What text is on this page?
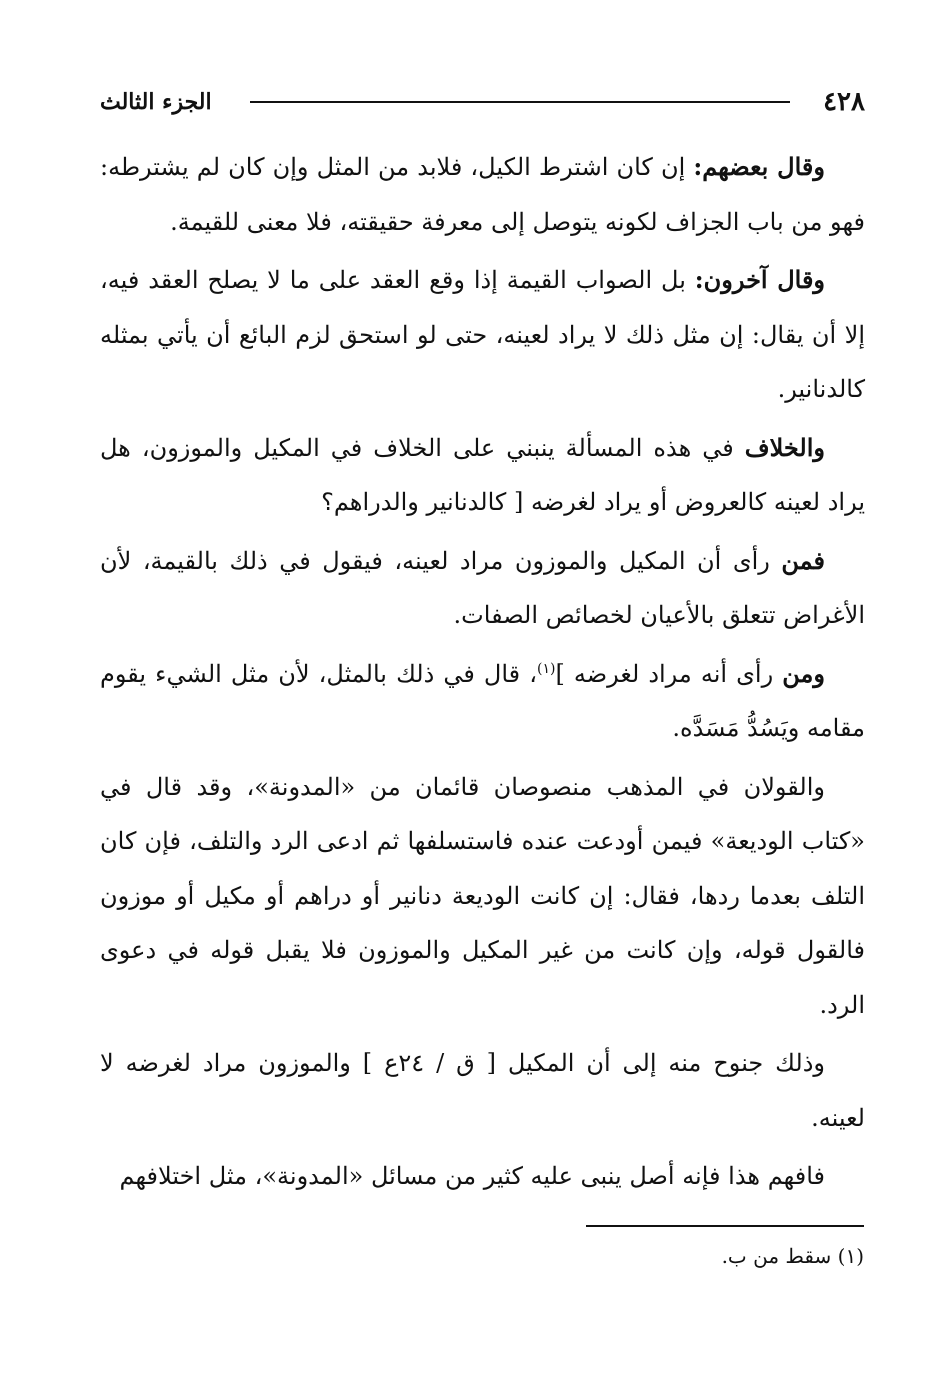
٤٢٨
الجزء الثالث

وقال بعضهم: إن كان اشترط الكيل، فلابد من المثل وإن كان لم يشترطه: فهو من باب الجزاف لكونه يتوصل إلى معرفة حقيقته، فلا معنى للقيمة.

وقال آخرون: بل الصواب القيمة إذا وقع العقد على ما لا يصلح العقد فيه، إلا أن يقال: إن مثل ذلك لا يراد لعينه، حتى لو استحق لزم البائع أن يأتي بمثله كالدنانير.

والخلاف في هذه المسألة ينبني على الخلاف في المكيل والموزون، هل يراد لعينه كالعروض أو يراد لغرضه [ كالدنانير والدراهم؟

فمن رأى أن المكيل والموزون مراد لعينه، فيقول في ذلك بالقيمة، لأن الأغراض تتعلق بالأعيان لخصائص الصفات.

ومن رأى أنه مراد لغرضه ]$^{(١)}$، قال في ذلك بالمثل، لأن مثل الشيء يقوم مقامه ويَسُدُّ مَسَدَّه.

والقولان في المذهب منصوصان قائمان من «المدونة»، وقد قال في «كتاب الوديعة» فيمن أودعت عنده فاستسلفها ثم ادعى الرد والتلف، فإن كان التلف بعدما ردها، فقال: إن كانت الوديعة دنانير أو دراهم أو مكيل أو موزون فالقول قوله، وإن كانت من غير المكيل والموزون فلا يقبل قوله في دعوى الرد.

وذلك جنوح منه إلى أن المكيل [ ق / ٢٤ع ] والموزون مراد لغرضه لا لعينه.

فافهم هذا فإنه أصل ينبى عليه كثير من مسائل «المدونة»، مثل اختلافهم

(١) سقط من ب.
